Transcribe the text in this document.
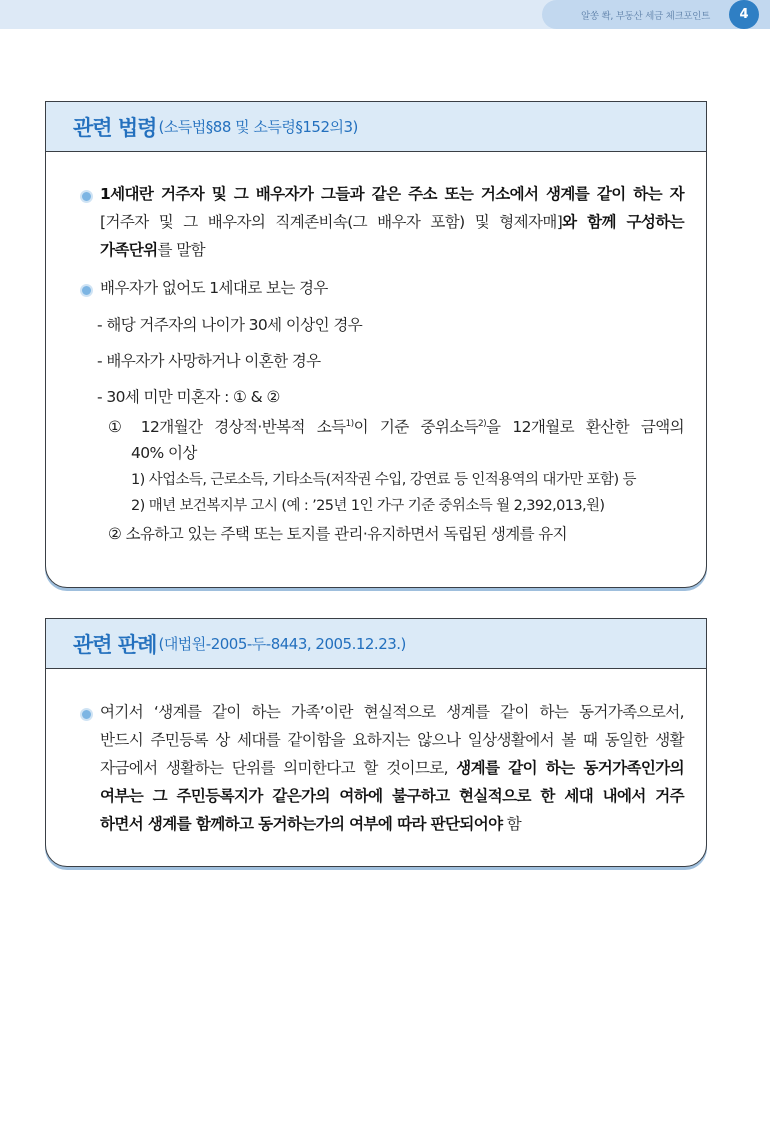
알쏭 쏵, 부동산 세금 체크포인트	4
관련 법령 (소득법§88 및 소득령§152의3)
1세대란 거주자 및 그 배우자가 그들과 같은 주소 또는 거소에서 생계를 같이 하는 자
[거주자 및 그 배우자의 직계존비속(그 배우자 포함) 및 형제자매]와 함께 구성하는
가족단위를 말함
배우자가 없어도 1세대로 보는 경우
- 해당 거주자의 나이가 30세 이상인 경우
- 배우자가 사망하거나 이혼한 경우
- 30세 미만 미혼자 : ① & ②
① 12개월간 경상적·반복적 소득$^{1)}$이 기준 중위소득$^{2)}$을 12개월로 환산한 금액의
40% 이상
1) 사업소득, 근로소득, 기타소득(저작권 수입, 강연료 등 인적용역의 대가만 포함) 등
2) 매년 보건복지부 고시 (예 : ’25년 1인 가구 기준 중위소득 월 2,392,013,원)
② 소유하고 있는 주택 또는 토지를 관리·유지하면서 독립된 생계를 유지
관련 판례 (대법원-2005-두-8443, 2005.12.23.)
여기서 ‘생계를 같이 하는 가족’이란 현실적으로 생계를 같이 하는 동거가족으로서,
반드시 주민등록 상 세대를 같이함을 요하지는 않으나 일상생활에서 볼 때 동일한 생활
자금에서 생활하는 단위를 의미한다고 할 것이므로, 생계를 같이 하는 동거가족인가의
여부는 그 주민등록지가 같은가의 여하에 불구하고 현실적으로 한 세대 내에서 거주
하면서 생계를 함께하고 동거하는가의 여부에 따라 판단되어야 함
